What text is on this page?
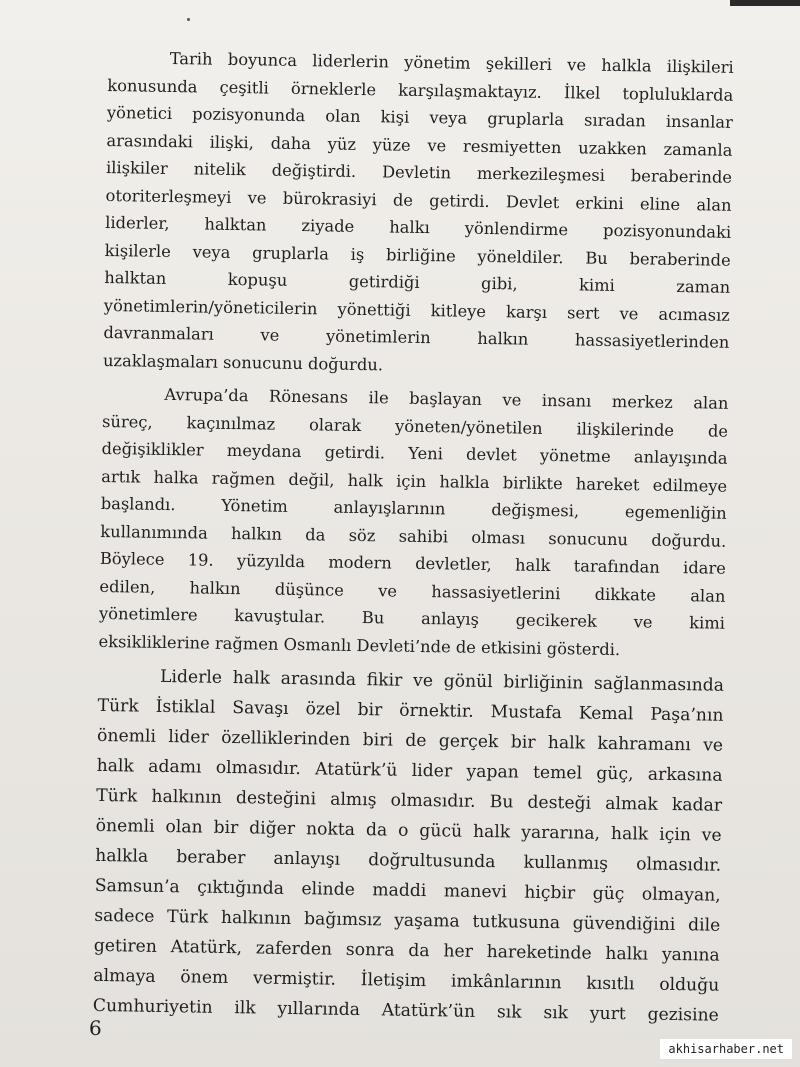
Tarih boyunca liderlerin yönetim şekilleri ve halkla ilişkileri
konusunda çeşitli örneklerle karşılaşmaktayız. İlkel topluluklarda
yönetici pozisyonunda olan kişi veya gruplarla sıradan insanlar
arasındaki ilişki, daha yüz yüze ve resmiyetten uzakken zamanla
ilişkiler nitelik değiştirdi. Devletin merkezileşmesi beraberinde
otoriterleşmeyi ve bürokrasiyi de getirdi. Devlet erkini eline alan
liderler, halktan ziyade halkı yönlendirme pozisyonundaki
kişilerle veya gruplarla iş birliğine yöneldiler. Bu beraberinde
halktan kopuşu getirdiği gibi, kimi zaman
yönetimlerin/yöneticilerin yönettiği kitleye karşı sert ve acımasız
davranmaları ve yönetimlerin halkın hassasiyetlerinden
uzaklaşmaları sonucunu doğurdu.

Avrupa’da Rönesans ile başlayan ve insanı merkez alan
süreç, kaçınılmaz olarak yöneten/yönetilen ilişkilerinde de
değişiklikler meydana getirdi. Yeni devlet yönetme anlayışında
artık halka rağmen değil, halk için halkla birlikte hareket edilmeye
başlandı. Yönetim anlayışlarının değişmesi, egemenliğin
kullanımında halkın da söz sahibi olması sonucunu doğurdu.
Böylece 19. yüzyılda modern devletler, halk tarafından idare
edilen, halkın düşünce ve hassasiyetlerini dikkate alan
yönetimlere kavuştular. Bu anlayış gecikerek ve kimi
eksikliklerine rağmen Osmanlı Devleti’nde de etkisini gösterdi.

Liderle halk arasında fikir ve gönül birliğinin sağlanmasında
Türk İstiklal Savaşı özel bir örnektir. Mustafa Kemal Paşa’nın
önemli lider özelliklerinden biri de gerçek bir halk kahramanı ve
halk adamı olmasıdır. Atatürk’ü lider yapan temel güç, arkasına
Türk halkının desteğini almış olmasıdır. Bu desteği almak kadar
önemli olan bir diğer nokta da o gücü halk yararına, halk için ve
halkla beraber anlayışı doğrultusunda kullanmış olmasıdır.
Samsun’a çıktığında elinde maddi manevi hiçbir güç olmayan,
sadece Türk halkının bağımsız yaşama tutkusuna güvendiğini dile
getiren Atatürk, zaferden sonra da her hareketinde halkı yanına
almaya önem vermiştir. İletişim imkânlarının kısıtlı olduğu
Cumhuriyetin ilk yıllarında Atatürk’ün sık sık yurt gezisine

6
akhisarhaber.net
